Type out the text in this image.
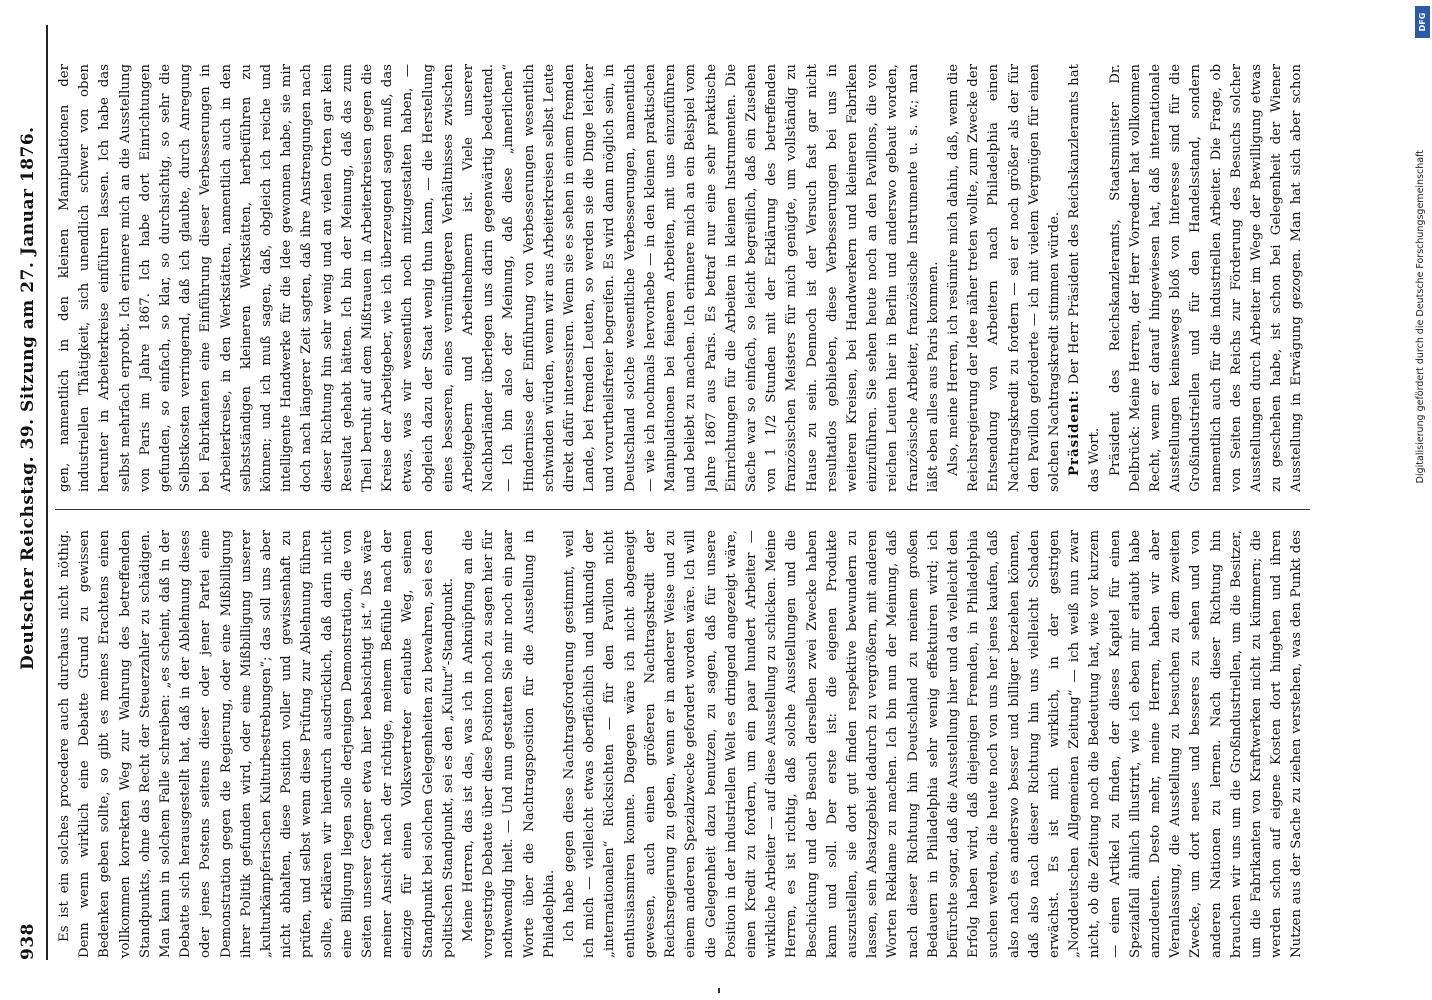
938
Deutscher Reichstag. 39. Sitzung am 27. Januar 1876.

Es ist ein solches procedere auch durchaus nicht nöthig. Denn wenn wirklich eine Debatte Grund zu gewissen Bedenken geben sollte, so gibt es meines Erachtens einen vollkommen korrekten Weg zur Wahrung des betreffenden Standpunkts, ohne das Recht der Steuerzahler zu schädigen. Man kann in solchem Falle schreiben: „es scheint, daß in der Debatte sich herausgestellt hat, daß in der Ablehnung dieses oder jenes Postens seitens dieser oder jener Partei eine Demonstration gegen die Regierung, oder eine Mißbilligung ihrer Politik gefunden wird, oder eine Mißbilligung unserer „kulturkämpferischen Kulturbestrebungen“; das soll uns aber nicht abhalten, diese Position voller und gewissenhaft zu prüfen, und selbst wenn diese Prüfung zur Ablehnung führen sollte, erklären wir hierdurch ausdrücklich, daß darin nicht eine Billigung liegen solle derjenigen Demonstration, die von Seiten unserer Gegner etwa hier beabsichtigt ist.“ Das wäre meiner Ansicht nach der richtige, meinem Befühle nach der einzige für einen Volksvertreter erlaubte Weg, seinen Standpunkt bei solchen Gelegenheiten zu bewahren, sei es den politischen Standpunkt, sei es den „Kultur“-Standpunkt. Meine Herren, das ist das, was ich in Anknüpfung an die vorgestrige Debatte über diese Position noch zu sagen hier für nothwendig hielt. — Und nun gestatten Sie mir noch ein paar Worte über die Nachtragsposition für die Ausstellung in Philadelphia. Ich habe gegen diese Nachtragsforderung gestimmt, weil ich mich — vielleicht etwas oberflächlich und unkundig der „internationalen“ Rücksichten — für den Pavillon nicht enthusiasmiren konnte. Dagegen wäre ich nicht abgeneigt gewesen, auch einen größeren Nachtragskredit der Reichsregierung zu geben, wenn er in anderer Weise und zu einem anderen Spezialzwecke gefordert worden wäre. Ich will die Gelegenheit dazu benutzen, zu sagen, daß für unsere Position in der industriellen Welt es dringend angezeigt wäre, einen Kredit zu fordern, um ein paar hundert Arbeiter — wirkliche Arbeiter — auf diese Ausstellung zu schicken. Meine Herren, es ist richtig, daß solche Ausstellungen und die Beschickung und der Besuch derselben zwei Zwecke haben kann und soll. Der erste ist: die eigenen Produkte auszustellen, sie dort gut finden respektive bewundern zu lassen, sein Absatzgebiet dadurch zu vergrößern, mit anderen Worten Reklame zu machen. Ich bin nun der Meinung, daß nach dieser Richtung hin Deutschland zu meinem großen Bedauern in Philadelphia sehr wenig effektuiren wird; ich befürchte sogar, daß die Ausstellung hier und da vielleicht den Erfolg haben wird, daß diejenigen Fremden, in Philadelphia suchen werden, die heute noch von uns her jenes kaufen, daß also nach es anderswo besser und billiger beziehen können, daß also nach dieser Richtung hin uns vielleicht Schaden erwächst. Es ist mich wirklich, in der gestrigen „Norddeutschen Allgemeinen Zeitung“ — ich weiß nun zwar nicht, ob die Zeitung noch die Bedeutung hat, wie vor kurzem — einen Artikel zu finden, der dieses Kapitel für einen Spezialfall ähnlich illustrirt, wie ich eben mir erlaubt habe anzudeuten. Desto mehr, meine Herren, haben wir aber Veranlassung, die Ausstellung zu besuchen zu dem zweiten Zwecke, um dort neues und besseres zu sehen und von anderen Nationen zu lernen. Nach dieser Richtung hin brauchen wir uns um die Großindustriellen, um die Besitzer, um die Fabrikanten von Kraftwerken nicht zu kümmern; die werden schon auf eigene Kosten dort hingehen und ihren Nutzen aus der Sache zu ziehen verstehen, was den Punkt des

gen, namentlich in den kleinen Manipulationen der industriellen Thätigkeit, sich unendlich schwer von oben herunter in Arbeiterkreise einführen lassen. Ich habe das selbst mehrfach erprobt. Ich erinnere mich an die Ausstellung von Paris im Jahre 1867. Ich habe dort Einrichtungen gefunden, so einfach, so klar, so durchsichtig, so sehr die Selbstkosten verringernd, daß ich glaubte, durch Anregung bei Fabrikanten eine Einführung dieser Verbesserungen in Arbeiterkreise, in den Werkstätten, namentlich auch in den selbstständigen kleineren Werkstätten, herbeiführen zu können; und ich muß sagen, daß, obgleich ich reiche und intelligente Handwerke für die Idee gewonnen habe, sie mir doch nach längerer Zeit sagten, daß ihre Anstrengungen nach dieser Richtung hin sehr wenig und an vielen Orten gar kein Resultat gehabt hätten. Ich bin der Meinung, daß das zum Theil beruht auf dem Mißtrauen in Arbeiterkreisen gegen die Kreise der Arbeitgeber, wie ich überzeugend sagen muß, das etwas, was wir wesentlich noch mitzugestalten haben, — obgleich dazu der Staat wenig thun kann, — die Herstellung eines besseren, eines vernünftigeren Verhältnisses zwischen Arbeitgebern und Arbeitnehmern ist. Viele unserer Nachbarländer überlegen uns darin gegenwärtig bedeutend. — Ich bin also der Meinung, daß diese „innerlichen“ Hindernisse der Einführung von Verbesserungen wesentlich schwinden würden, wenn wir aus Arbeiterkreisen selbst Leute direkt dafür interessiren. Wenn sie es sehen in einem fremden Lande, bei fremden Leuten, so werden sie die Dinge leichter und vorurtheilsfreier begreifen. Es wird dann möglich sein, in Deutschland solche wesentliche Verbesserungen, namentlich — wie ich nochmals hervorhebe — in den kleinen praktischen Manipulationen bei feineren Arbeiten, mit uns einzuführen und beliebt zu machen. Ich erinnere mich an ein Beispiel vom Jahre 1867 aus Paris. Es betraf nur eine sehr praktische Einrichtungen für die Arbeiten in kleinen Instrumenten. Die Sache war so einfach, so leicht begreiflich, daß ein Zusehen von 1 1/2 Stunden mit der Erklärung des betreffenden französischen Meisters für mich genügte, um vollständig zu Hause zu sein. Dennoch ist der Versuch fast gar nicht resultatlos geblieben, diese Verbesserungen bei uns in weiteren Kreisen, bei Handwerkern und kleineren Fabriken einzuführen. Sie sehen heute noch an den Pavillons, die von reichen Leuten hier in Berlin und anderswo gebaut worden, französische Arbeiter, französische Instrumente u. s. w.; man läßt eben alles aus Paris kommen. Also, meine Herren, ich resümire mich dahin, daß, wenn die Reichsregierung der Idee näher treten wollte, zum Zwecke der Entsendung von Arbeitern nach Philadelphia einen Nachtragskredit zu fordern — sei er noch größer als der für den Pavillon geforderte — ich mit vielem Vergnügen für einen solchen Nachtragskredit stimmen würde. Präsident: Der Herr Präsident des Reichskanzleramts hat das Wort. Präsident des Reichskanzleramts, Staatsminister Dr. Delbrück: Meine Herren, der Herr Vorredner hat vollkommen Recht, wenn er darauf hingewiesen hat, daß internationale Ausstellungen keineswegs bloß von Interesse sind für die Großindustriellen und für den Handelsstand, sondern namentlich auch für die industriellen Arbeiter. Die Frage, ob von Seiten des Reichs zur Förderung des Besuchs solcher Ausstellungen durch Arbeiter im Wege der Bewilligung etwas zu geschehen habe, ist schon bei Gelegenheit der Wiener Ausstellung in Erwägung gezogen. Man hat sich aber schon

Digitalisierung gefördert durch die Deutsche Forschungsgemeinschaft
DFG
